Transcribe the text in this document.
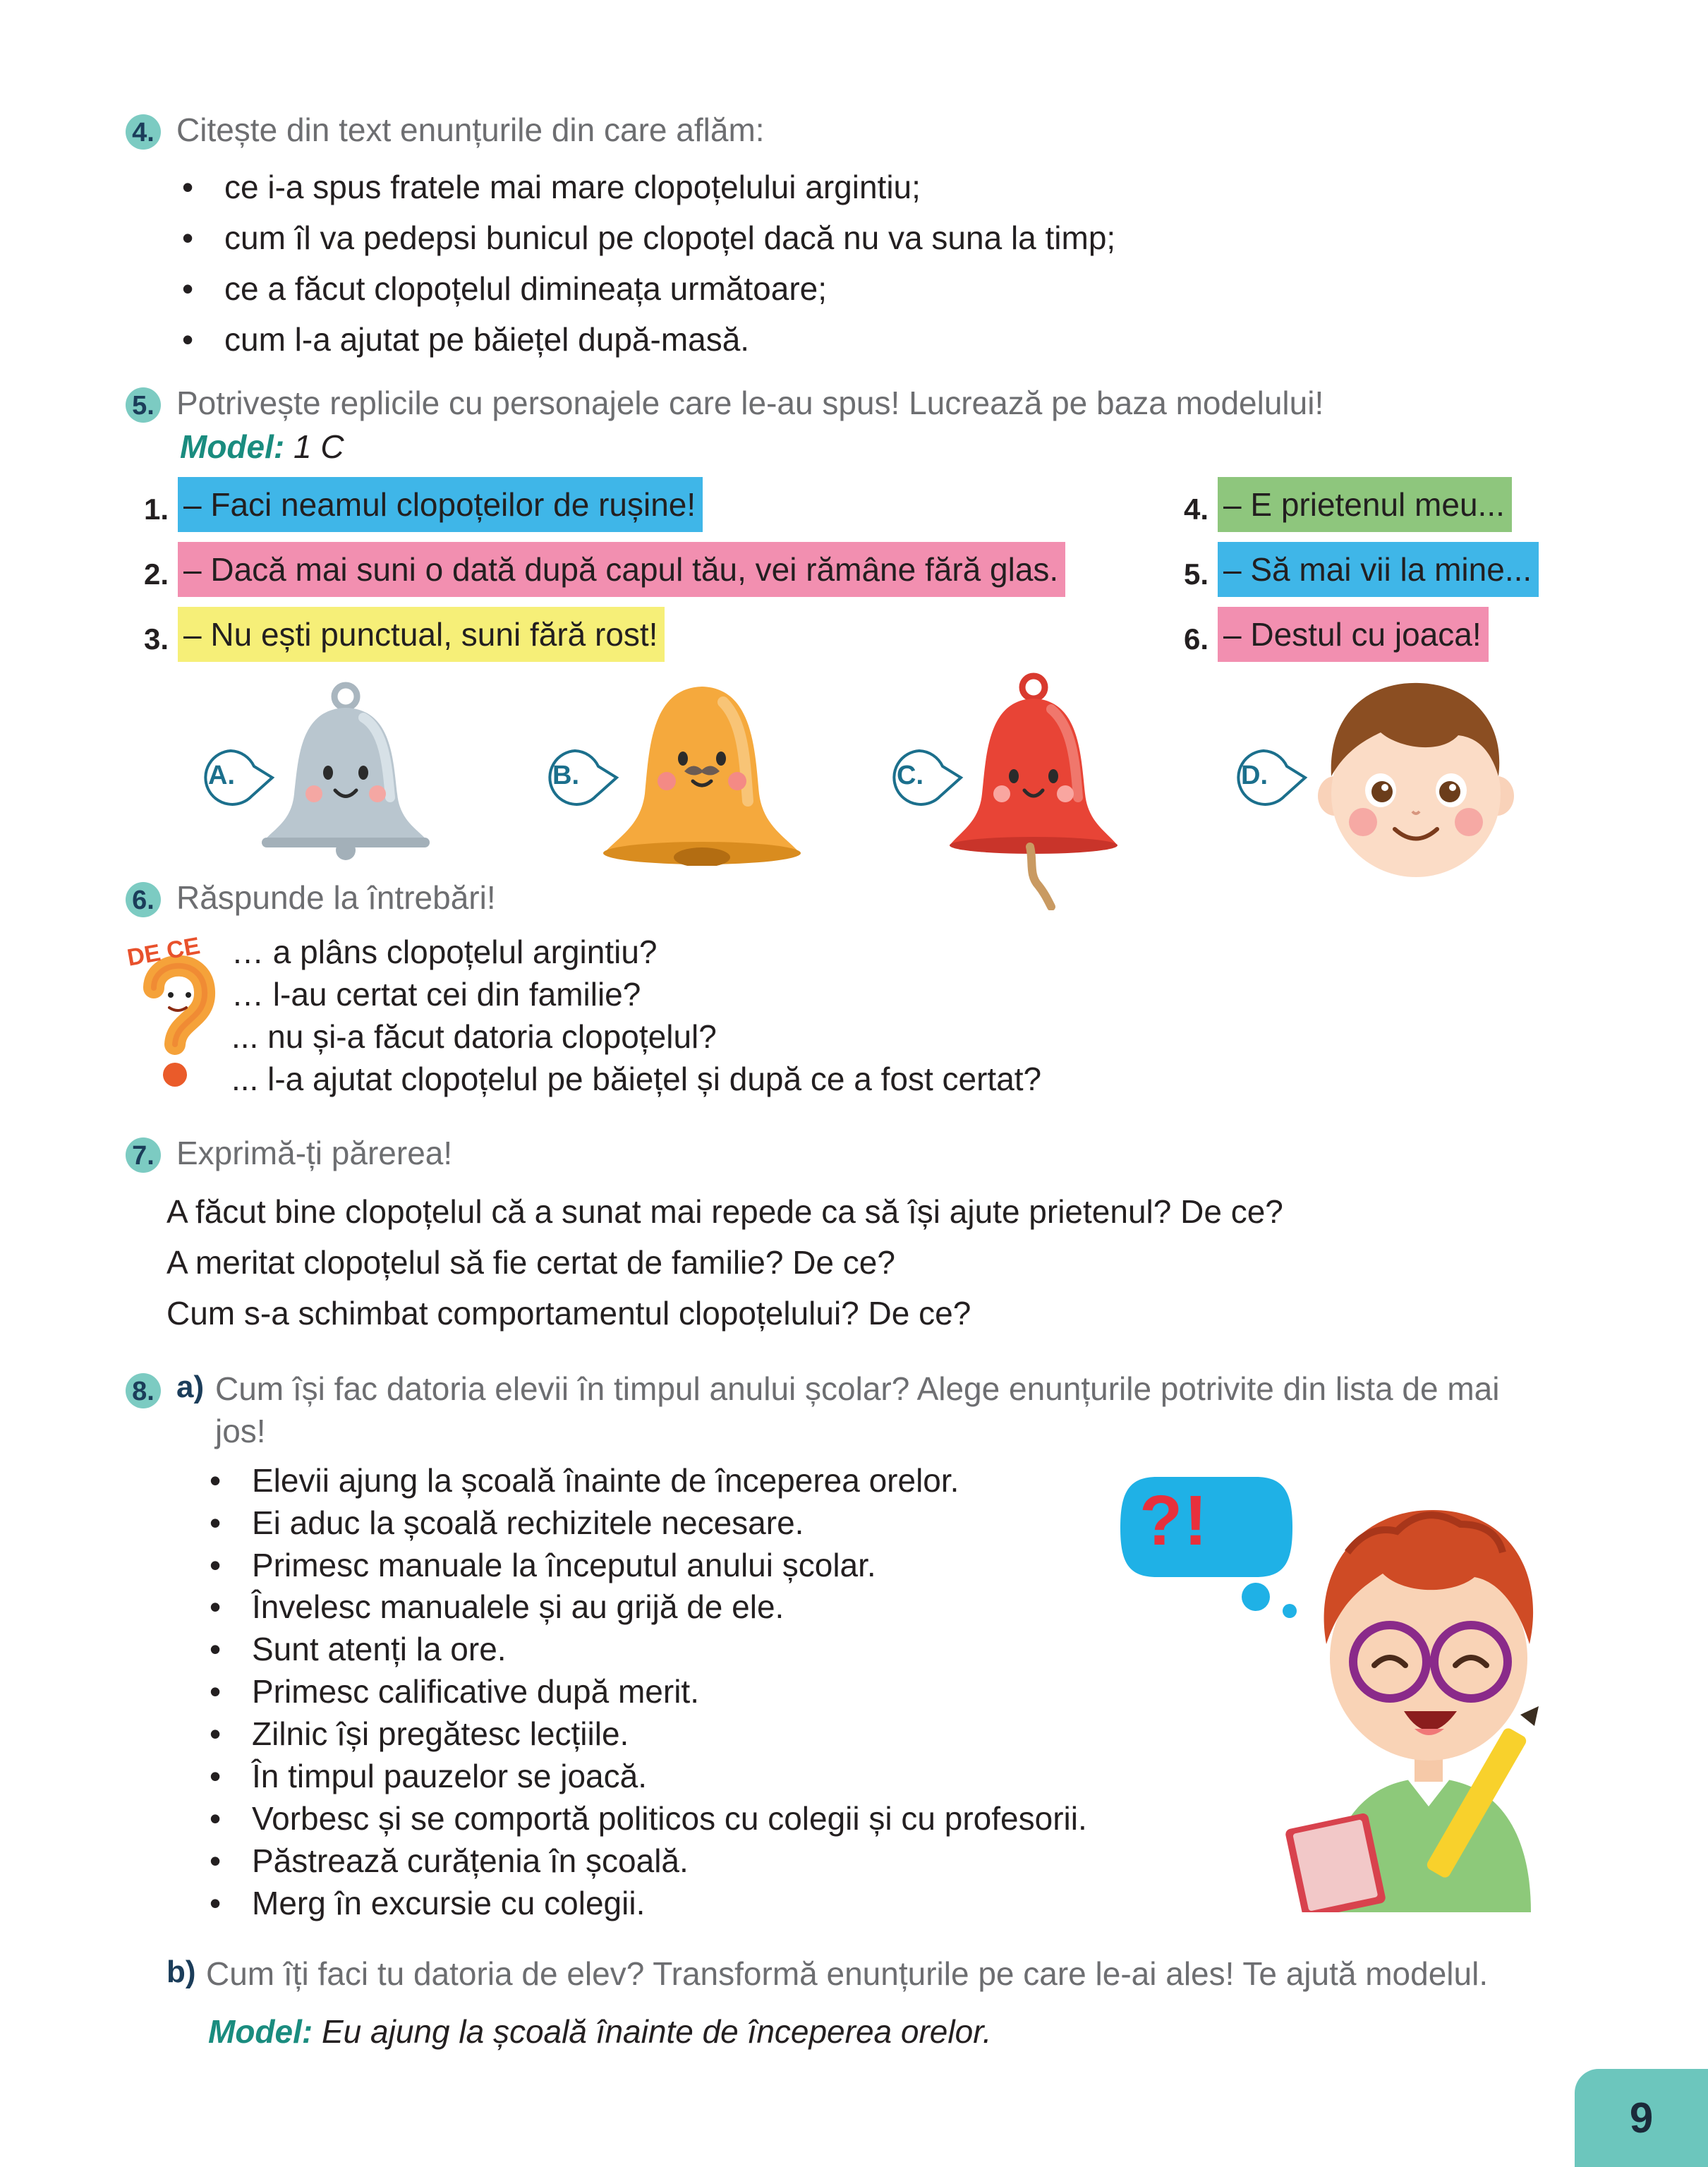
4. Citește din text enunțurile din care aflăm:
• ce i-a spus fratele mai mare clopoțelului argintiu;
• cum îl va pedepsi bunicul pe clopoțel dacă nu va suna la timp;
• ce a făcut clopoțelul dimineața următoare;
• cum l-a ajutat pe băiețel după-masă.
5. Potrivește replicile cu personajele care le-au spus! Lucrează pe baza modelului!
Model: 1 C
1. – Faci neamul clopoțeilor de rușine!
2. – Dacă mai suni o dată după capul tău, vei rămâne fără glas.
3. – Nu ești punctual, suni fără rost!
4. – E prietenul meu...
5. – Să mai vii la mine...
6. – Destul cu joaca!
A.	B.	C.	D.
6. Răspunde la întrebări!
DE CE … a plâns clopoțelul argintiu?
… l-au certat cei din familie?
... nu și-a făcut datoria clopoțelul?
... l-a ajutat clopoțelul pe băiețel și după ce a fost certat?
7. Exprimă-ți părerea!
A făcut bine clopoțelul că a sunat mai repede ca să își ajute prietenul? De ce?
A meritat clopoțelul să fie certat de familie? De ce?
Cum s-a schimbat comportamentul clopoțelului? De ce?
8. a) Cum își fac datoria elevii în timpul anului școlar? Alege enunțurile potrivite din lista de mai
jos!
• Elevii ajung la școală înainte de începerea orelor.
• Ei aduc la școală rechizitele necesare.
• Primesc manuale la începutul anului școlar.
• Învelesc manualele și au grijă de ele.
• Sunt atenți la ore.
• Primesc calificative după merit.
• Zilnic își pregătesc lecțiile.
• În timpul pauzelor se joacă.
• Vorbesc și se comportă politicos cu colegii și cu profesorii.
• Păstrează curățenia în școală.
• Merg în excursie cu colegii.
?!
b) Cum îți faci tu datoria de elev? Transformă enunțurile pe care le-ai ales! Te ajută modelul.
Model: Eu ajung la școală înainte de începerea orelor.
9
